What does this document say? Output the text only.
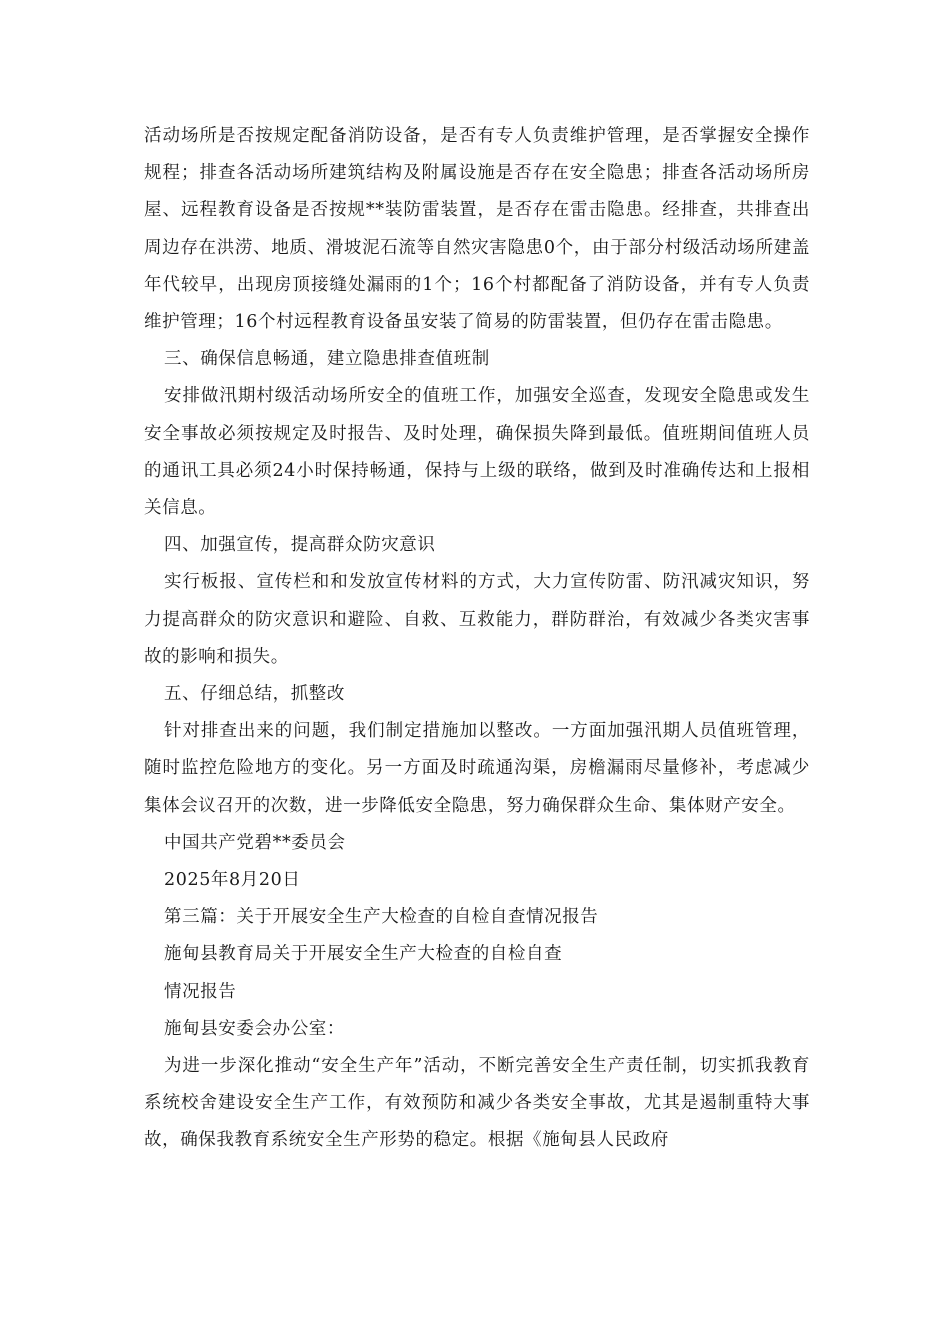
活动场所是否按规定配备消防设备，是否有专人负责维护管理，是否掌握安全操作规程；排查各活动场所建筑结构及附属设施是否存在安全隐患；排查各活动场所房屋、远程教育设备是否按规**装防雷装置，是否存在雷击隐患。经排查，共排查出周边存在洪涝、地质、滑坡泥石流等自然灾害隐患0个，由于部分村级活动场所建盖年代较早，出现房顶接缝处漏雨的1个；16个村都配备了消防设备，并有专人负责维护管理；16个村远程教育设备虽安装了简易的防雷装置，但仍存在雷击隐患。

三、确保信息畅通，建立隐患排查值班制

安排做汛期村级活动场所安全的值班工作，加强安全巡查，发现安全隐患或发生安全事故必须按规定及时报告、及时处理，确保损失降到最低。值班期间值班人员的通讯工具必须24小时保持畅通，保持与上级的联络，做到及时准确传达和上报相关信息。

四、加强宣传，提高群众防灾意识

实行板报、宣传栏和和发放宣传材料的方式，大力宣传防雷、防汛减灾知识，努力提高群众的防灾意识和避险、自救、互救能力，群防群治，有效减少各类灾害事故的影响和损失。

五、仔细总结，抓整改

针对排查出来的问题，我们制定措施加以整改。一方面加强汛期人员值班管理，随时监控危险地方的变化。另一方面及时疏通沟渠，房檐漏雨尽量修补，考虑减少集体会议召开的次数，进一步降低安全隐患，努力确保群众生命、集体财产安全。

中国共产党碧**委员会

2025年8月20日

第三篇：关于开展安全生产大检查的自检自查情况报告

施甸县教育局关于开展安全生产大检查的自检自查

情况报告

施甸县安委会办公室：

为进一步深化推动“安全生产年”活动，不断完善安全生产责任制，切实抓我教育系统校舍建设安全生产工作，有效预防和减少各类安全事故，尤其是遏制重特大事故，确保我教育系统安全生产形势的稳定。根据《施甸县人民政府
